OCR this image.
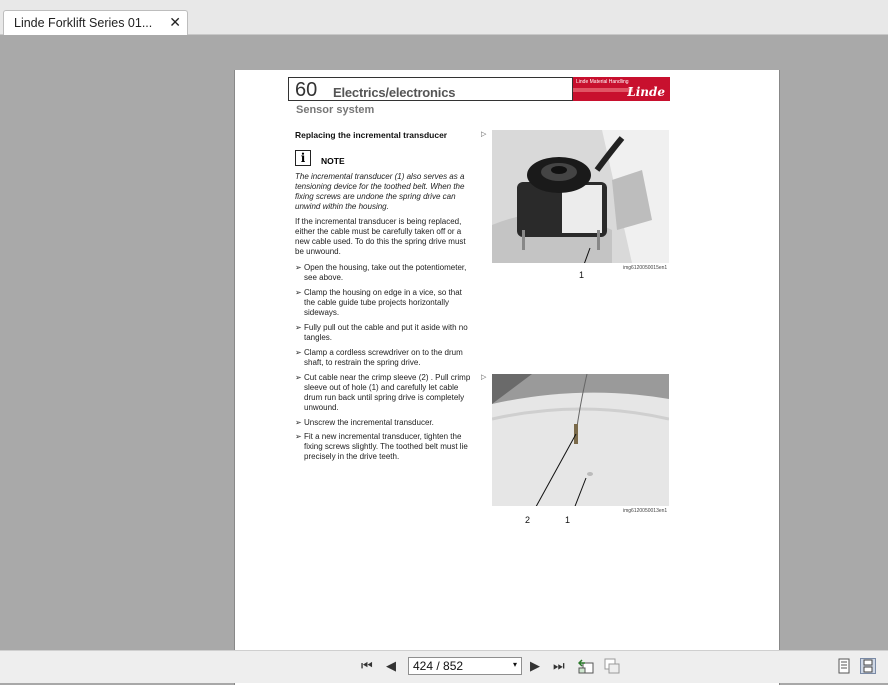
Linde Forklift Series 01... ✕
60 Electrics/electronics
Linde Material Handling
Linde
Sensor system
Replacing the incremental transducer	▷
i	NOTE
The incremental transducer (1) also serves as a tensioning device for the toothed belt. When the fixing screws are undone the spring drive can unwind within the housing.
If the incremental transducer is being replaced, either the cable must be carefully taken off or a new cable used. To do this the spring drive must be unwound.
➢ Open the housing, take out the potentiometer, see above.
➢ Clamp the housing on edge in a vice, so that the cable guide tube projects horizontally sideways.
➢ Fully pull out the cable and put it aside with no tangles.
➢ Clamp a cordless screwdriver on to the drum shaft, to restrain the spring drive.
➢ Cut cable near the crimp sleeve (2) . Pull crimp sleeve out of hole (1) and carefully let cable drum run back until spring drive is completely unwound.
➢ Unscrew the incremental transducer.
➢ Fit a new incremental transducer, tighten the fixing screws slightly. The toothed belt must lie precisely in the drive teeth.
▷
img6120050015en1
1
img6120050013en1
2	1
⏮ ◀ 424 / 852	▾ ▶ ⏭
